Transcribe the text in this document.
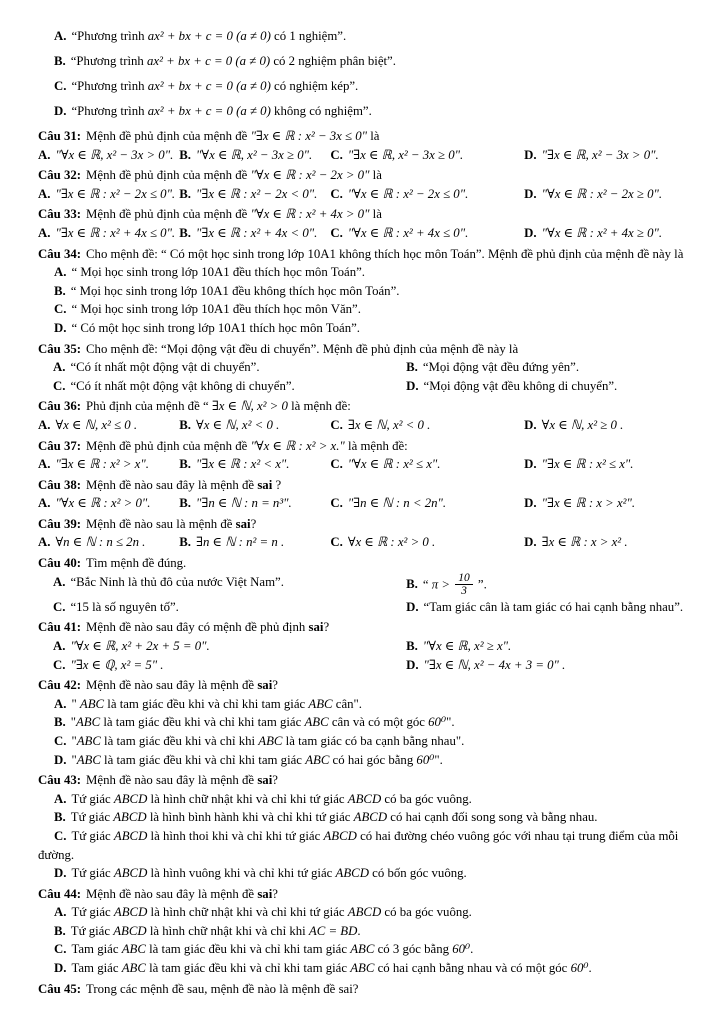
A. “Phương trình ax² + bx + c = 0 (a ≠ 0) có 1 nghiệm”.
B. “Phương trình ax² + bx + c = 0 (a ≠ 0) có 2 nghiệm phân biệt”.
C. “Phương trình ax² + bx + c = 0 (a ≠ 0) có nghiệm kép”.
D. “Phương trình ax² + bx + c = 0 (a ≠ 0) không có nghiệm”.

Câu 31: Mệnh đề phủ định của mệnh đề "∃x ∈ ℝ : x² − 3x ≤ 0" là

A. "∀x ∈ ℝ, x² − 3x > 0". B. "∀x ∈ ℝ, x² − 3x ≥ 0".	C. "∃x ∈ ℝ, x² − 3x ≥ 0".	D. "∃x ∈ ℝ, x² − 3x > 0".

Câu 32: Mệnh đề phủ định của mệnh đề "∀x ∈ ℝ : x² − 2x > 0" là

A. "∃x ∈ ℝ : x² − 2x ≤ 0". B. "∃x ∈ ℝ : x² − 2x < 0".	C. "∀x ∈ ℝ : x² − 2x ≤ 0".	D. "∀x ∈ ℝ : x² − 2x ≥ 0".

Câu 33: Mệnh đề phủ định của mệnh đề "∀x ∈ ℝ : x² + 4x > 0" là

A. "∃x ∈ ℝ : x² + 4x ≤ 0". B. "∃x ∈ ℝ : x² + 4x < 0".	C. "∀x ∈ ℝ : x² + 4x ≤ 0".	D. "∀x ∈ ℝ : x² + 4x ≥ 0".

Câu 34: Cho mệnh đề: “ Có một học sinh trong lớp 10A1 không thích học môn Toán”. Mệnh đề phủ định của mệnh đề này là

A. “ Mọi học sinh trong lớp 10A1 đều thích học môn Toán”.
B. “ Mọi học sinh trong lớp 10A1 đều không thích học môn Toán”.
C. “ Mọi học sinh trong lớp 10A1 đều thích học môn Văn”.
D. “ Có một học sinh trong lớp 10A1 thích học môn Toán”.

Câu 35: Cho mệnh đề: “Mọi động vật đều di chuyển”. Mệnh đề phủ định của mệnh đề này là

A. “Có ít nhất một động vật di chuyển”.	B. “Mọi động vật đều đứng yên”.
C. “Có ít nhất một động vật không di chuyển”.	D. “Mọi động vật đều không di chuyển”.

Câu 36: Phủ định của mệnh đề “ ∃x ∈ ℕ, x² > 0 là mệnh đề:

A. ∀x ∈ ℕ, x² ≤ 0 .	B. ∀x ∈ ℕ, x² < 0 .	C. ∃x ∈ ℕ, x² < 0 .	D. ∀x ∈ ℕ, x² ≥ 0 .

Câu 37: Mệnh đề phủ định của mệnh đề "∀x ∈ ℝ : x² > x." là mệnh đề:

A. "∃x ∈ ℝ : x² > x".	B. "∃x ∈ ℝ : x² < x".	C. "∀x ∈ ℝ : x² ≤ x".	D. "∃x ∈ ℝ : x² ≤ x".

Câu 38: Mệnh đề nào sau đây là mệnh đề sai ?

A. "∀x ∈ ℝ : x² > 0".	B. "∃n ∈ ℕ : n = n³".	C. "∃n ∈ ℕ : n < 2n".	D. "∃x ∈ ℝ : x > x²".

Câu 39: Mệnh đề nào sau là mệnh đề sai?

A. ∀n ∈ ℕ : n ≤ 2n .	B. ∃n ∈ ℕ : n² = n .	C. ∀x ∈ ℝ : x² > 0 .	D. ∃x ∈ ℝ : x > x² .

Câu 40: Tìm mệnh đề đúng.

A. “Bắc Ninh là thủ đô của nước Việt Nam”.	B. “ $\pi > \frac{10}{3}$ ”.
C. “15 là số nguyên tố”.	D. “Tam giác cân là tam giác có hai cạnh bằng nhau”.

Câu 41: Mệnh đề nào sau đây có mệnh đề phủ định sai?

A. "∀x ∈ ℝ, x² + 2x + 5 = 0".	B. "∀x ∈ ℝ, x² ≥ x".
C. "∃x ∈ ℚ, x² = 5" .	D. "∃x ∈ ℕ, x² − 4x + 3 = 0" .

Câu 42: Mệnh đề nào sau đây là mệnh đề sai?

A. " ABC là tam giác đều khi và chỉ khi tam giác ABC cân".
B. "ABC là tam giác đều khi và chỉ khi tam giác ABC cân và có một góc 60⁰".
C. "ABC là tam giác đều khi và chỉ khi ABC là tam giác có ba cạnh bằng nhau".
D. "ABC là tam giác đều khi và chỉ khi tam giác ABC có hai góc bằng 60⁰".

Câu 43: Mệnh đề nào sau đây là mệnh đề sai?

A. Tứ giác ABCD là hình chữ nhật khi và chỉ khi tứ giác ABCD có ba góc vuông.
B. Tứ giác ABCD là hình bình hành khi và chỉ khi tứ giác ABCD có hai cạnh đối song song và bằng nhau.
C. Tứ giác ABCD là hình thoi khi và chỉ khi tứ giác ABCD có hai đường chéo vuông góc với nhau tại trung điểm của mỗi đường.
D. Tứ giác ABCD là hình vuông khi và chỉ khi tứ giác ABCD có bốn góc vuông.

Câu 44: Mệnh đề nào sau đây là mệnh đề sai?

A. Tứ giác ABCD là hình chữ nhật khi và chỉ khi tứ giác ABCD có ba góc vuông.
B. Tứ giác ABCD là hình chữ nhật khi và chỉ khi AC = BD.
C. Tam giác ABC là tam giác đều khi và chỉ khi tam giác ABC có 3 góc bằng 60⁰.
D. Tam giác ABC là tam giác đều khi và chỉ khi tam giác ABC có hai cạnh bằng nhau và có một góc 60⁰.

Câu 45: Trong các mệnh đề sau, mệnh đề nào là mệnh đề sai?
